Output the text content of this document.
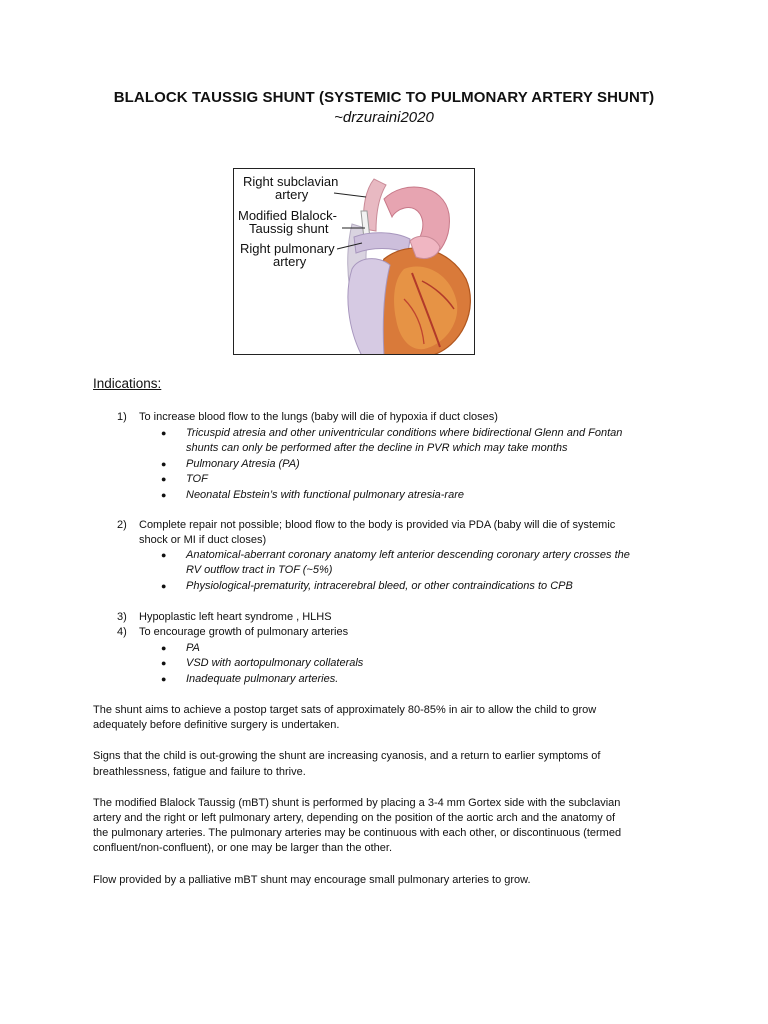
BLALOCK TAUSSIG SHUNT (SYSTEMIC TO PULMONARY ARTERY SHUNT)
~drzuraini2020
Right subclavian
artery
Modified Blalock-
Taussig shunt
Right pulmonary
artery
Indications:
1) To increase blood flow to the lungs (baby will die of hypoxia if duct closes)
● Tricuspid atresia and other univentricular conditions where bidirectional Glenn and Fontan
shunts can only be performed after the decline in PVR which may take months
● Pulmonary Atresia (PA)
● TOF
● Neonatal Ebstein’s with functional pulmonary atresia-rare
2) Complete repair not possible; blood flow to the body is provided via PDA (baby will die of systemic
shock or MI if duct closes)
● Anatomical-aberrant coronary anatomy left anterior descending coronary artery crosses the
RV outflow tract in TOF (~5%)
● Physiological-prematurity, intracerebral bleed, or other contraindications to CPB
3) Hypoplastic left heart syndrome , HLHS
4) To encourage growth of pulmonary arteries
● PA
● VSD with aortopulmonary collaterals
● Inadequate pulmonary arteries.
The shunt aims to achieve a postop target sats of approximately 80-85% in air to allow the child to grow
adequately before definitive surgery is undertaken.
Signs that the child is out-growing the shunt are increasing cyanosis, and a return to earlier symptoms of
breathlessness, fatigue and failure to thrive.
The modified Blalock Taussig (mBT) shunt is performed by placing a 3-4 mm Gortex side with the subclavian
artery and the right or left pulmonary artery, depending on the position of the aortic arch and the anatomy of
the pulmonary arteries. The pulmonary arteries may be continuous with each other, or discontinuous (termed
confluent/non-confluent), or one may be larger than the other.
Flow provided by a palliative mBT shunt may encourage small pulmonary arteries to grow.
